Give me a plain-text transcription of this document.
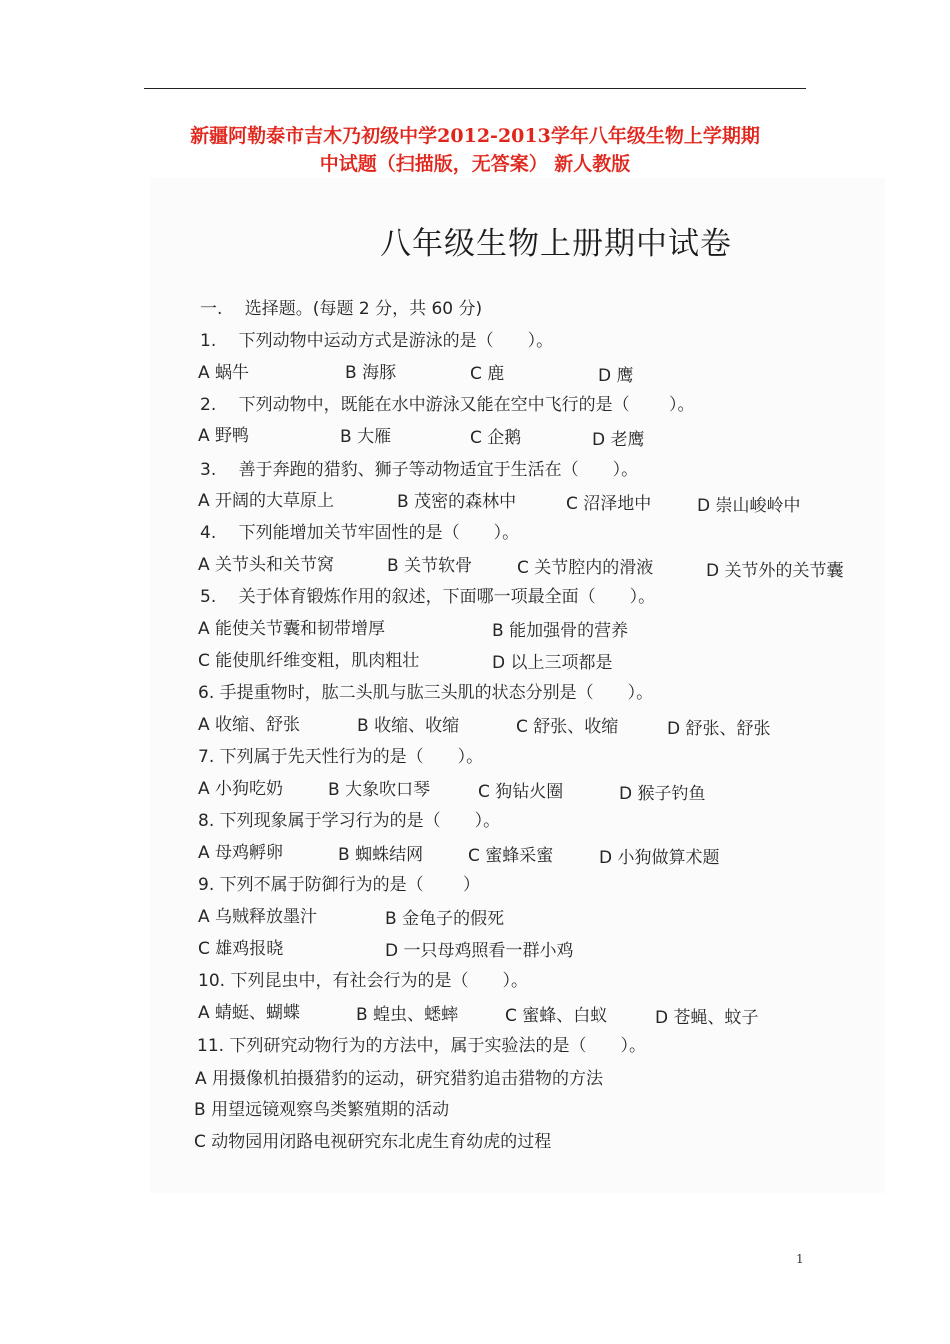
新疆阿勒泰市吉木乃初级中学2012-2013学年八年级生物上学期期
中试题（扫描版，无答案） 新人教版
八年级生物上册期中试卷
一.　 选择题。(每题 2 分，共 60 分)
1.　 下列动物中运动方式是游泳的是（　　）。
A 蜗牛	B 海豚	C 鹿	D 鹰
2.　 下列动物中，既能在水中游泳又能在空中飞行的是（　　 ）。
A 野鸭	B 大雁	C 企鹅	D 老鹰
3.　 善于奔跑的猎豹、狮子等动物适宜于生活在（　　）。
A 开阔的大草原上	B 茂密的森林中	C 沼泽地中	D 崇山峻岭中
4.　 下列能增加关节牢固性的是（　　）。
A 关节头和关节窝	B 关节软骨	C 关节腔内的滑液	D 关节外的关节囊
5.　 关于体育锻炼作用的叙述，下面哪一项最全面（　　）。
A 能使关节囊和韧带增厚	B 能加强骨的营养
C 能使肌纤维变粗，肌肉粗壮	D 以上三项都是
6. 手提重物时，肱二头肌与肱三头肌的状态分别是（　　）。
A 收缩、舒张	B 收缩、收缩	C 舒张、收缩	D 舒张、舒张
7. 下列属于先天性行为的是（　　）。
A 小狗吃奶	B 大象吹口琴	C 狗钻火圈	D 猴子钓鱼
8. 下列现象属于学习行为的是（　　）。
A 母鸡孵卵	B 蜘蛛结网	C 蜜蜂采蜜	D 小狗做算术题
9. 下列不属于防御行为的是（　　 ）
A 乌贼释放墨汁	B 金龟子的假死
C 雄鸡报晓	D 一只母鸡照看一群小鸡
10. 下列昆虫中，有社会行为的是（　　）。
A 蜻蜓、蝴蝶	B 蝗虫、蟋蟀	C 蜜蜂、白蚁	D 苍蝇、蚊子
11. 下列研究动物行为的方法中，属于实验法的是（　　）。
A 用摄像机拍摄猎豹的运动，研究猎豹追击猎物的方法
B 用望远镜观察鸟类繁殖期的活动
C 动物园用闭路电视研究东北虎生育幼虎的过程
1
